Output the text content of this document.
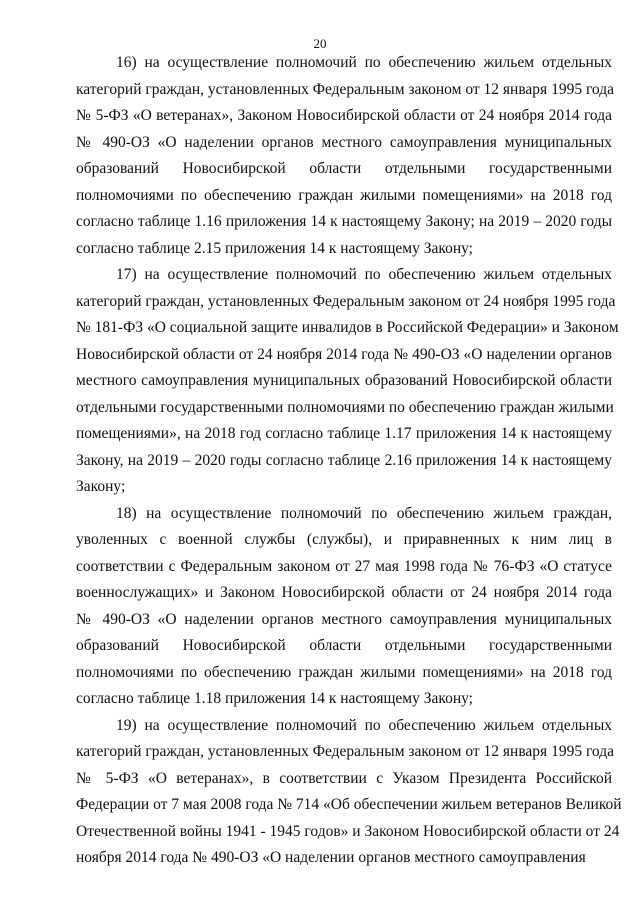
20
16) на осуществление полномочий по обеспечению жильем отдельных
категорий граждан, установленных Федеральным законом от 12 января 1995 года
№ 5-ФЗ «О ветеранах», Законом Новосибирской области от 24 ноября 2014 года
№ 490-ОЗ «О наделении органов местного самоуправления муниципальных
образований Новосибирской области отдельными государственными
полномочиями по обеспечению граждан жилыми помещениями» на 2018 год
согласно таблице 1.16 приложения 14 к настоящему Закону; на 2019 – 2020 годы
согласно таблице 2.15 приложения 14 к настоящему Закону;
17) на осуществление полномочий по обеспечению жильем отдельных
категорий граждан, установленных Федеральным законом от 24 ноября 1995 года
№ 181-ФЗ «О социальной защите инвалидов в Российской Федерации» и Законом
Новосибирской области от 24 ноября 2014 года № 490-ОЗ «О наделении органов
местного самоуправления муниципальных образований Новосибирской области
отдельными государственными полномочиями по обеспечению граждан жилыми
помещениями», на 2018 год согласно таблице 1.17 приложения 14 к настоящему
Закону, на 2019 – 2020 годы согласно таблице 2.16 приложения 14 к настоящему
Закону;
18) на осуществление полномочий по обеспечению жильем граждан,
уволенных с военной службы (службы), и приравненных к ним лиц в
соответствии с Федеральным законом от 27 мая 1998 года № 76-ФЗ «О статусе
военнослужащих» и Законом Новосибирской области от 24 ноября 2014 года
№ 490-ОЗ «О наделении органов местного самоуправления муниципальных
образований Новосибирской области отдельными государственными
полномочиями по обеспечению граждан жилыми помещениями» на 2018 год
согласно таблице 1.18 приложения 14 к настоящему Закону;
19) на осуществление полномочий по обеспечению жильем отдельных
категорий граждан, установленных Федеральным законом от 12 января 1995 года
№ 5-ФЗ «О ветеранах», в соответствии с Указом Президента Российской
Федерации от 7 мая 2008 года № 714 «Об обеспечении жильем ветеранов Великой
Отечественной войны 1941 - 1945 годов» и Законом Новосибирской области от 24
ноября 2014 года № 490-ОЗ «О наделении органов местного самоуправления
